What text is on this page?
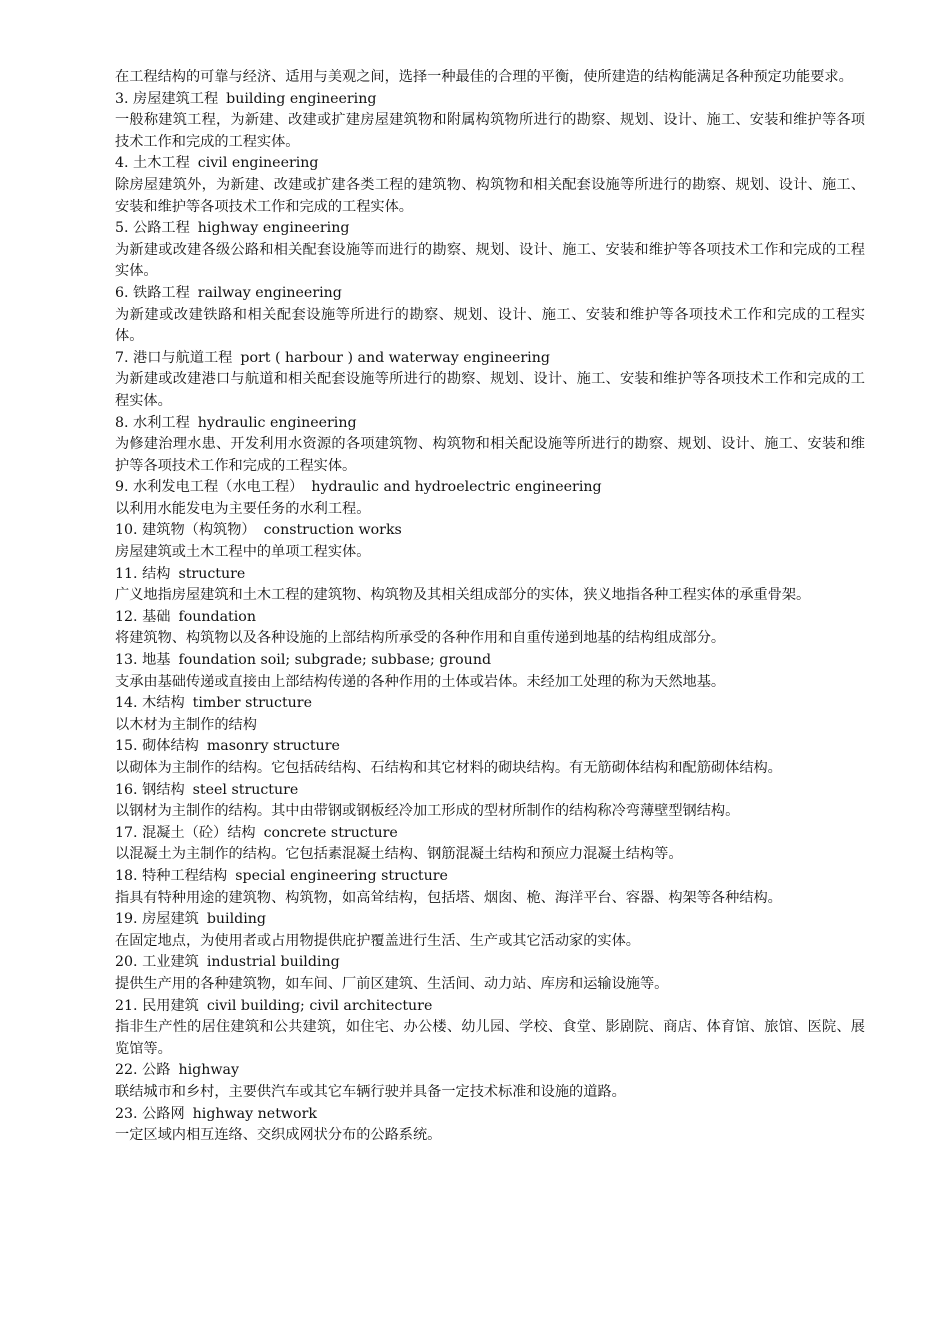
在工程结构的可靠与经济、适用与美观之间，选择一种最佳的合理的平衡，使所建造的结构能满足各种预定功能要求。

3. 房屋建筑工程 building engineering

一般称建筑工程，为新建、改建或扩建房屋建筑物和附属构筑物所进行的勘察、规划、设计、施工、安装和维护等各项技术工作和完成的工程实体。

4. 土木工程 civil engineering

除房屋建筑外，为新建、改建或扩建各类工程的建筑物、构筑物和相关配套设施等所进行的勘察、规划、设计、施工、安装和维护等各项技术工作和完成的工程实体。

5. 公路工程 highway engineering

为新建或改建各级公路和相关配套设施等而进行的勘察、规划、设计、施工、安装和维护等各项技术工作和完成的工程实体。

6. 铁路工程 railway engineering

为新建或改建铁路和相关配套设施等所进行的勘察、规划、设计、施工、安装和维护等各项技术工作和完成的工程实体。

7. 港口与航道工程 port ( harbour ) and waterway engineering

为新建或改建港口与航道和相关配套设施等所进行的勘察、规划、设计、施工、安装和维护等各项技术工作和完成的工程实体。

8. 水利工程 hydraulic engineering

为修建治理水患、开发利用水资源的各项建筑物、构筑物和相关配设施等所进行的勘察、规划、设计、施工、安装和维护等各项技术工作和完成的工程实体。

9. 水利发电工程（水电工程） hydraulic and hydroelectric engineering

以利用水能发电为主要任务的水利工程。

10. 建筑物（构筑物） construction works

房屋建筑或土木工程中的单项工程实体。

11. 结构 structure

广义地指房屋建筑和土木工程的建筑物、构筑物及其相关组成部分的实体，狭义地指各种工程实体的承重骨架。

12. 基础 foundation

将建筑物、构筑物以及各种设施的上部结构所承受的各种作用和自重传递到地基的结构组成部分。

13. 地基 foundation soil; subgrade; subbase; ground

支承由基础传递或直接由上部结构传递的各种作用的土体或岩体。未经加工处理的称为天然地基。

14. 木结构 timber structure

以木材为主制作的结构

15. 砌体结构 masonry structure

以砌体为主制作的结构。它包括砖结构、石结构和其它材料的砌块结构。有无筋砌体结构和配筋砌体结构。

16. 钢结构 steel structure

以钢材为主制作的结构。其中由带钢或钢板经冷加工形成的型材所制作的结构称冷弯薄壁型钢结构。

17. 混凝土（砼）结构 concrete structure

以混凝土为主制作的结构。它包括素混凝土结构、钢筋混凝土结构和预应力混凝土结构等。

18. 特种工程结构 special engineering structure

指具有特种用途的建筑物、构筑物，如高耸结构，包括塔、烟囱、桅、海洋平台、容器、构架等各种结构。

19. 房屋建筑 building

在固定地点，为使用者或占用物提供庇护覆盖进行生活、生产或其它活动家的实体。

20. 工业建筑 industrial building

提供生产用的各种建筑物，如车间、厂前区建筑、生活间、动力站、库房和运输设施等。

21. 民用建筑 civil building; civil architecture

指非生产性的居住建筑和公共建筑，如住宅、办公楼、幼儿园、学校、食堂、影剧院、商店、体育馆、旅馆、医院、展览馆等。

22. 公路 highway

联结城市和乡村，主要供汽车或其它车辆行驶并具备一定技术标准和设施的道路。

23. 公路网 highway network

一定区域内相互连络、交织成网状分布的公路系统。
